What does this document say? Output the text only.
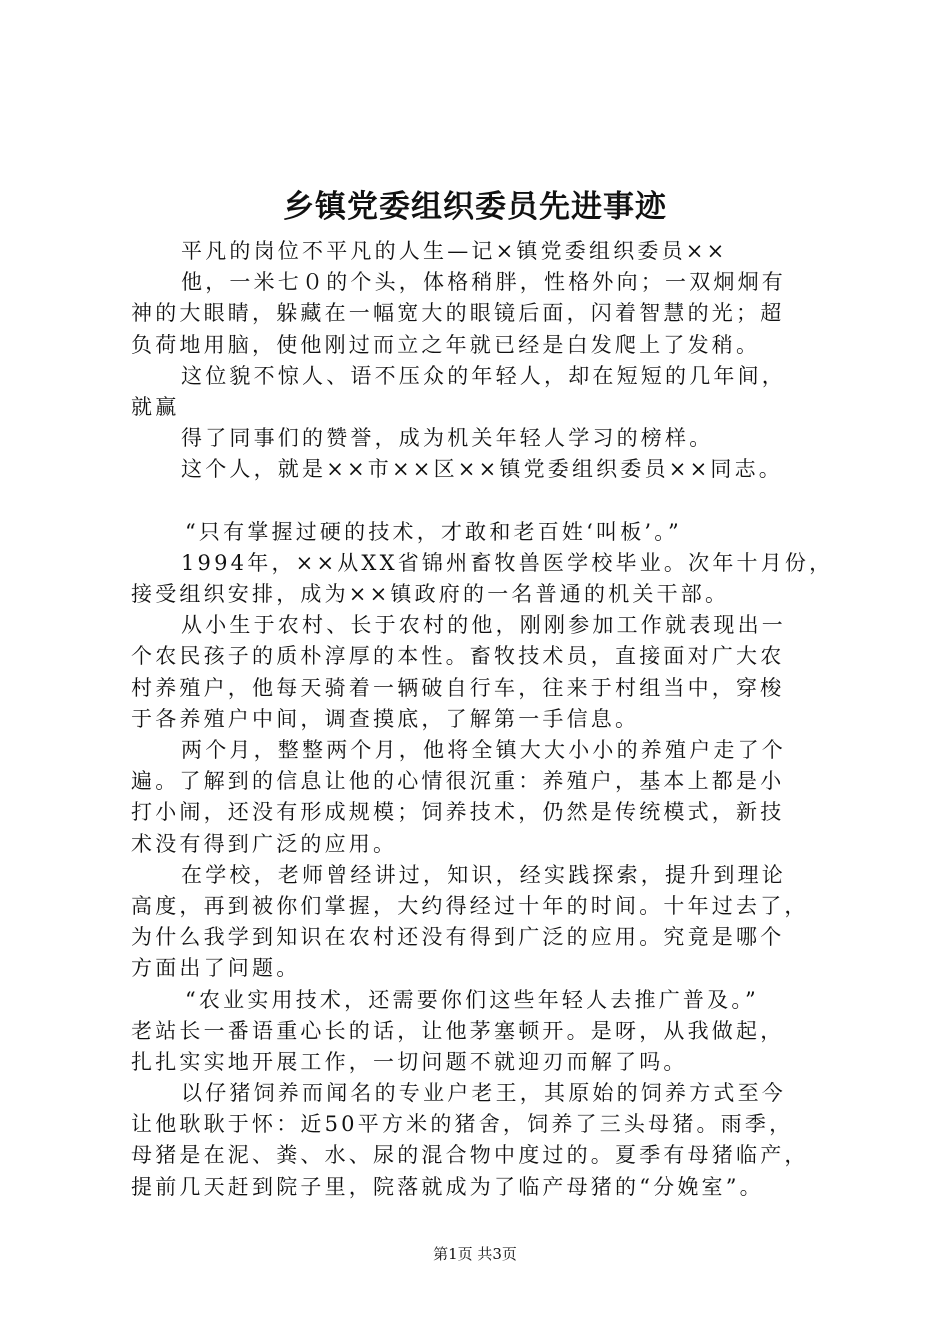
乡镇党委组织委员先进事迹
平凡的岗位不平凡的人生—记×镇党委组织委员××
他，一米七０的个头，体格稍胖，性格外向；一双炯炯有
神的大眼睛，躲藏在一幅宽大的眼镜后面，闪着智慧的光；超
负荷地用脑，使他刚过而立之年就已经是白发爬上了发稍。
这位貌不惊人、语不压众的年轻人，却在短短的几年间，
就赢
得了同事们的赞誉，成为机关年轻人学习的榜样。
这个人，就是××市××区××镇党委组织委员××同志。
“只有掌握过硬的技术，才敢和老百姓‘叫板’。”
1994年，××从XX省锦州畜牧兽医学校毕业。次年十月份，
接受组织安排，成为××镇政府的一名普通的机关干部。
从小生于农村、长于农村的他，刚刚参加工作就表现出一
个农民孩子的质朴淳厚的本性。畜牧技术员，直接面对广大农
村养殖户，他每天骑着一辆破自行车，往来于村组当中，穿梭
于各养殖户中间，调查摸底，了解第一手信息。
两个月，整整两个月，他将全镇大大小小的养殖户走了个
遍。了解到的信息让他的心情很沉重：养殖户，基本上都是小
打小闹，还没有形成规模；饲养技术，仍然是传统模式，新技
术没有得到广泛的应用。
在学校，老师曾经讲过，知识，经实践探索，提升到理论
高度，再到被你们掌握，大约得经过十年的时间。十年过去了，
为什么我学到知识在农村还没有得到广泛的应用。究竟是哪个
方面出了问题。
“农业实用技术，还需要你们这些年轻人去推广普及。”
老站长一番语重心长的话，让他茅塞顿开。是呀，从我做起，
扎扎实实地开展工作，一切问题不就迎刃而解了吗。
以仔猪饲养而闻名的专业户老王，其原始的饲养方式至今
让他耿耿于怀：近50平方米的猪舍，饲养了三头母猪。雨季，
母猪是在泥、粪、水、尿的混合物中度过的。夏季有母猪临产，
提前几天赶到院子里，院落就成为了临产母猪的“分娩室”。
第1页 共3页
